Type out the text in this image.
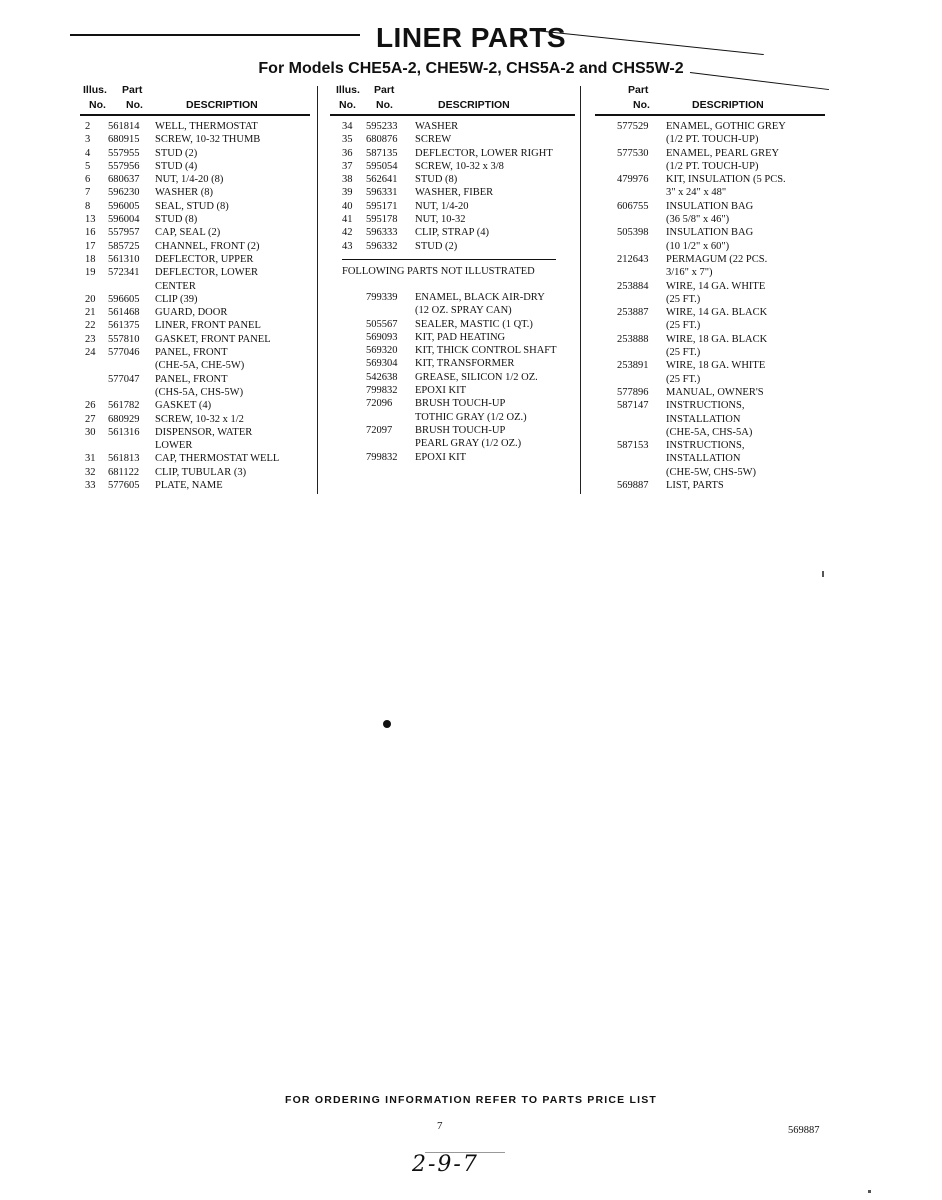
LINER PARTS
For Models CHE5A-2, CHE5W-2, CHS5A-2 and CHS5W-2
Illus. Part
No. No.	DESCRIPTION
Illus. Part
No. No.	DESCRIPTION
Part
No.	DESCRIPTION
2 561814 WELL, THERMOSTAT
3 680915 SCREW, 10-32 THUMB
4 557955 STUD (2)
5 557956 STUD (4)
6 680637 NUT, 1/4-20 (8)
7 596230 WASHER (8)
8 596005 SEAL, STUD (8)
13 596004 STUD (8)
16 557957 CAP, SEAL (2)
17 585725 CHANNEL, FRONT (2)
18 561310 DEFLECTOR, UPPER
19 572341 DEFLECTOR, LOWER
CENTER
20 596605 CLIP (39)
21 561468 GUARD, DOOR
22 561375 LINER, FRONT PANEL
23 557810 GASKET, FRONT PANEL
24 577046 PANEL, FRONT
(CHE-5A, CHE-5W)
577047 PANEL, FRONT
(CHS-5A, CHS-5W)
26 561782 GASKET (4)
27 680929 SCREW, 10-32 x 1/2
30 561316 DISPENSOR, WATER
LOWER
31 561813 CAP, THERMOSTAT WELL
32 681122 CLIP, TUBULAR (3)
33 577605 PLATE, NAME
34 595233 WASHER
35 680876 SCREW
36 587135 DEFLECTOR, LOWER RIGHT
37 595054 SCREW, 10-32 x 3/8
38 562641 STUD (8)
39 596331 WASHER, FIBER
40 595171 NUT, 1/4-20
41 595178 NUT, 10-32
42 596333 CLIP, STRAP (4)
43 596332 STUD (2)
FOLLOWING PARTS NOT ILLUSTRATED
799339 ENAMEL, BLACK AIR-DRY
(12 OZ. SPRAY CAN)
505567 SEALER, MASTIC (1 QT.)
569093 KIT, PAD HEATING
569320 KIT, THICK CONTROL SHAFT
569304 KIT, TRANSFORMER
542638 GREASE, SILICON 1/2 OZ.
799832 EPOXI KIT
72096 BRUSH TOUCH-UP
TOTHIC GRAY (1/2 OZ.)
72097 BRUSH TOUCH-UP
PEARL GRAY (1/2 OZ.)
799832 EPOXI KIT
577529 ENAMEL, GOTHIC GREY
(1/2 PT. TOUCH-UP)
577530 ENAMEL, PEARL GREY
(1/2 PT. TOUCH-UP)
479976 KIT, INSULATION (5 PCS.
3" x 24" x 48"
606755 INSULATION BAG
(36 5/8" x 46")
505398 INSULATION BAG
(10 1/2" x 60")
212643 PERMAGUM (22 PCS.
3/16" x 7")
253884 WIRE, 14 GA. WHITE
(25 FT.)
253887 WIRE, 14 GA. BLACK
(25 FT.)
253888 WIRE, 18 GA. BLACK
(25 FT.)
253891 WIRE, 18 GA. WHITE
(25 FT.)
577896 MANUAL, OWNER'S
587147 INSTRUCTIONS,
INSTALLATION
(CHE-5A, CHS-5A)
587153 INSTRUCTIONS,
INSTALLATION
(CHE-5W, CHS-5W)
569887 LIST, PARTS
FOR ORDERING INFORMATION REFER TO PARTS PRICE LIST
7	569887
2-9-7
